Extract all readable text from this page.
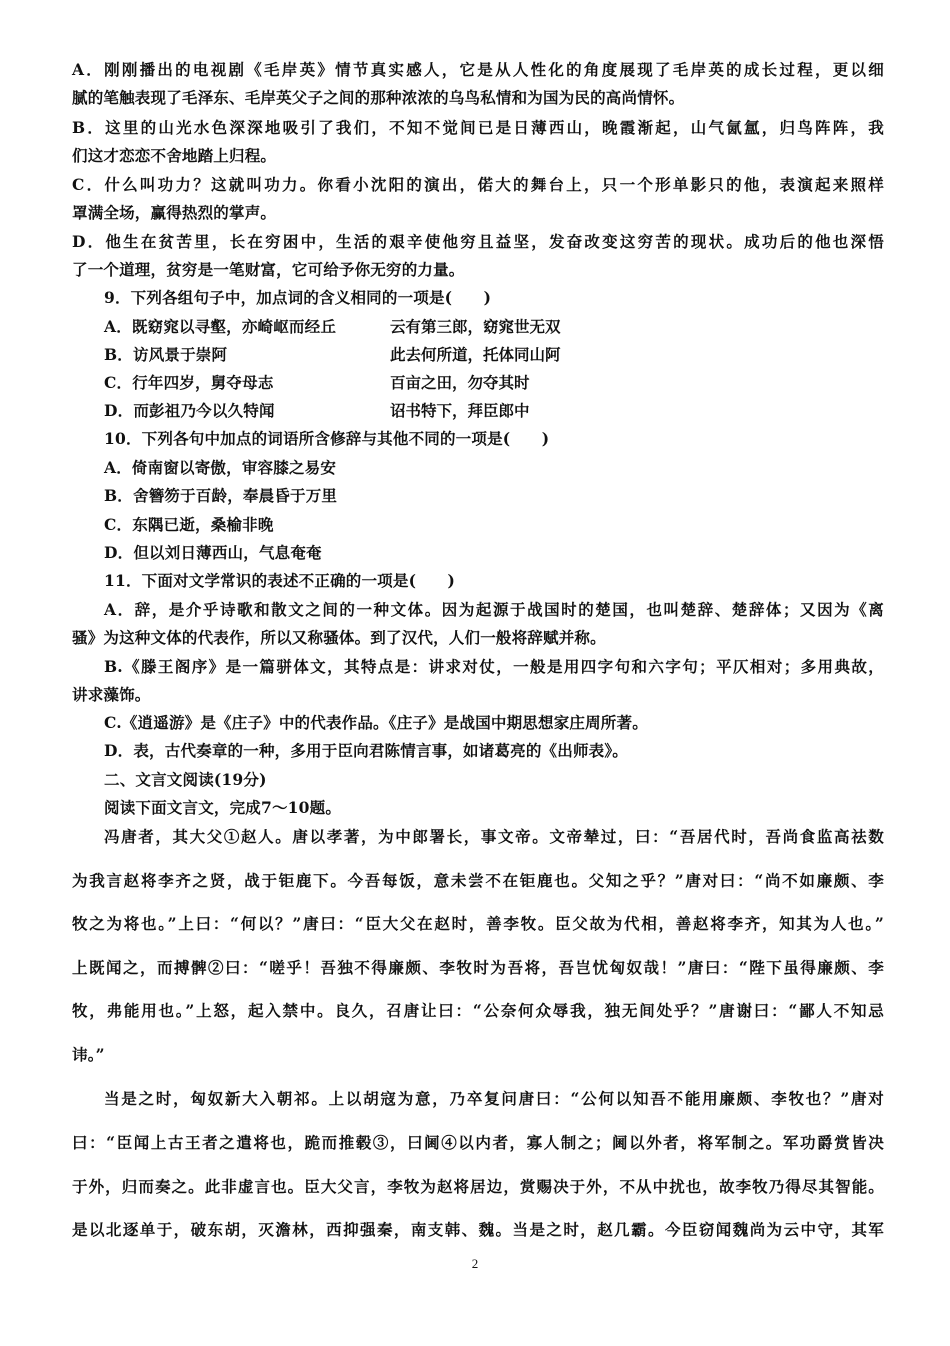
A．刚刚播出的电视剧《毛岸英》情节真实感人，它是从人性化的角度展现了毛岸英的成长过程，更以细
腻的笔触表现了毛泽东、毛岸英父子之间的那种浓浓的乌鸟私情和为国为民的高尚情怀。
B．这里的山光水色深深地吸引了我们，不知不觉间已是日薄西山，晚霞渐起，山气氤氲，归鸟阵阵，我
们这才恋恋不舍地踏上归程。
C．什么叫功力？这就叫功力。你看小沈阳的演出，偌大的舞台上，只一个形单影只的他，表演起来照样
罩满全场，赢得热烈的掌声。
D．他生在贫苦里，长在穷困中，生活的艰辛使他穷且益坚，发奋改变这穷苦的现状。成功后的他也深悟
了一个道理，贫穷是一笔财富，它可给予你无穷的力量。
9．下列各组句子中，加点词的含义相同的一项是(　　)
A．既窈窕以寻壑，亦崎岖而经丘	云有第三郎，窈窕世无双
B．访风景于崇阿	此去何所道，托体同山阿
C．行年四岁，舅夺母志	百亩之田，勿夺其时
D．而彭祖乃今以久特闻	诏书特下，拜臣郎中
10．下列各句中加点的词语所含修辞与其他不同的一项是(　　)
A．倚南窗以寄傲，审容膝之易安
B．舍簪笏于百龄，奉晨昏于万里
C．东隅已逝，桑榆非晚
D．但以刘日薄西山，气息奄奄
11．下面对文学常识的表述不正确的一项是(　　)
A．辞，是介乎诗歌和散文之间的一种文体。因为起源于战国时的楚国，也叫楚辞、楚辞体；又因为《离
骚》为这种文体的代表作，所以又称骚体。到了汉代，人们一般将辞赋并称。
B.《滕王阁序》是一篇骈体文，其特点是：讲求对仗，一般是用四字句和六字句；平仄相对；多用典故，
讲求藻饰。
C.《逍遥游》是《庄子》中的代表作品。《庄子》是战国中期思想家庄周所著。
D．表，古代奏章的一种，多用于臣向君陈情言事，如诸葛亮的《出师表》。
二、文言文阅读(19分)
阅读下面文言文，完成7～10题。
冯唐者，其大父①赵人。唐以孝著，为中郎署长，事文帝。文帝辇过，曰：“吾居代时，吾尚食监高祛数
为我言赵将李齐之贤，战于钜鹿下。今吾每饭，意未尝不在钜鹿也。父知之乎？”唐对曰：“尚不如廉颇、李
牧之为将也。”上曰：“何以？”唐曰：“臣大父在赵时，善李牧。臣父故为代相，善赵将李齐，知其为人也。”
上既闻之，而搏髀②曰：“嗟乎！吾独不得廉颇、李牧时为吾将，吾岂忧匈奴哉！”唐曰：“陛下虽得廉颇、李
牧，弗能用也。”上怒，起入禁中。良久，召唐让曰：“公奈何众辱我，独无间处乎？”唐谢曰：“鄙人不知忌
讳。”
当是之时，匈奴新大入朝祁。上以胡寇为意，乃卒复问唐曰：“公何以知吾不能用廉颇、李牧也？”唐对
曰：“臣闻上古王者之遣将也，跪而推毂③，曰阃④以内者，寡人制之；阃以外者，将军制之。军功爵赏皆决
于外，归而奏之。此非虚言也。臣大父言，李牧为赵将居边，赏赐决于外，不从中扰也，故李牧乃得尽其智能。
是以北逐单于，破东胡，灭澹林，西抑强秦，南支韩、魏。当是之时，赵几霸。今臣窃闻魏尚为云中守，其军
2
